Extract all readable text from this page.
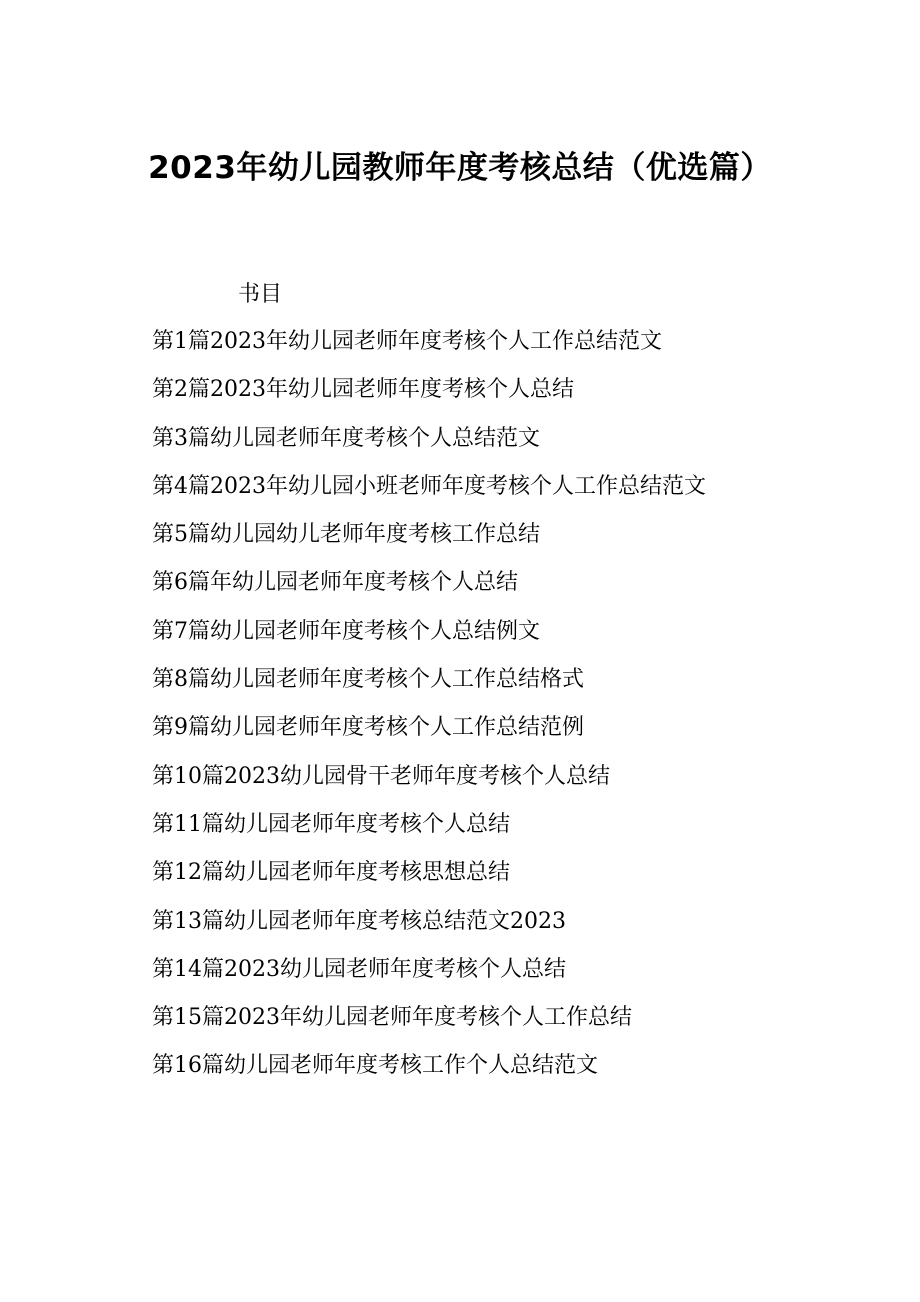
2023年幼儿园教师年度考核总结（优选篇）
书目
第1篇2023年幼儿园老师年度考核个人工作总结范文
第2篇2023年幼儿园老师年度考核个人总结
第3篇幼儿园老师年度考核个人总结范文
第4篇2023年幼儿园小班老师年度考核个人工作总结范文
第5篇幼儿园幼儿老师年度考核工作总结
第6篇年幼儿园老师年度考核个人总结
第7篇幼儿园老师年度考核个人总结例文
第8篇幼儿园老师年度考核个人工作总结格式
第9篇幼儿园老师年度考核个人工作总结范例
第10篇2023幼儿园骨干老师年度考核个人总结
第11篇幼儿园老师年度考核个人总结
第12篇幼儿园老师年度考核思想总结
第13篇幼儿园老师年度考核总结范文2023
第14篇2023幼儿园老师年度考核个人总结
第15篇2023年幼儿园老师年度考核个人工作总结
第16篇幼儿园老师年度考核工作个人总结范文
